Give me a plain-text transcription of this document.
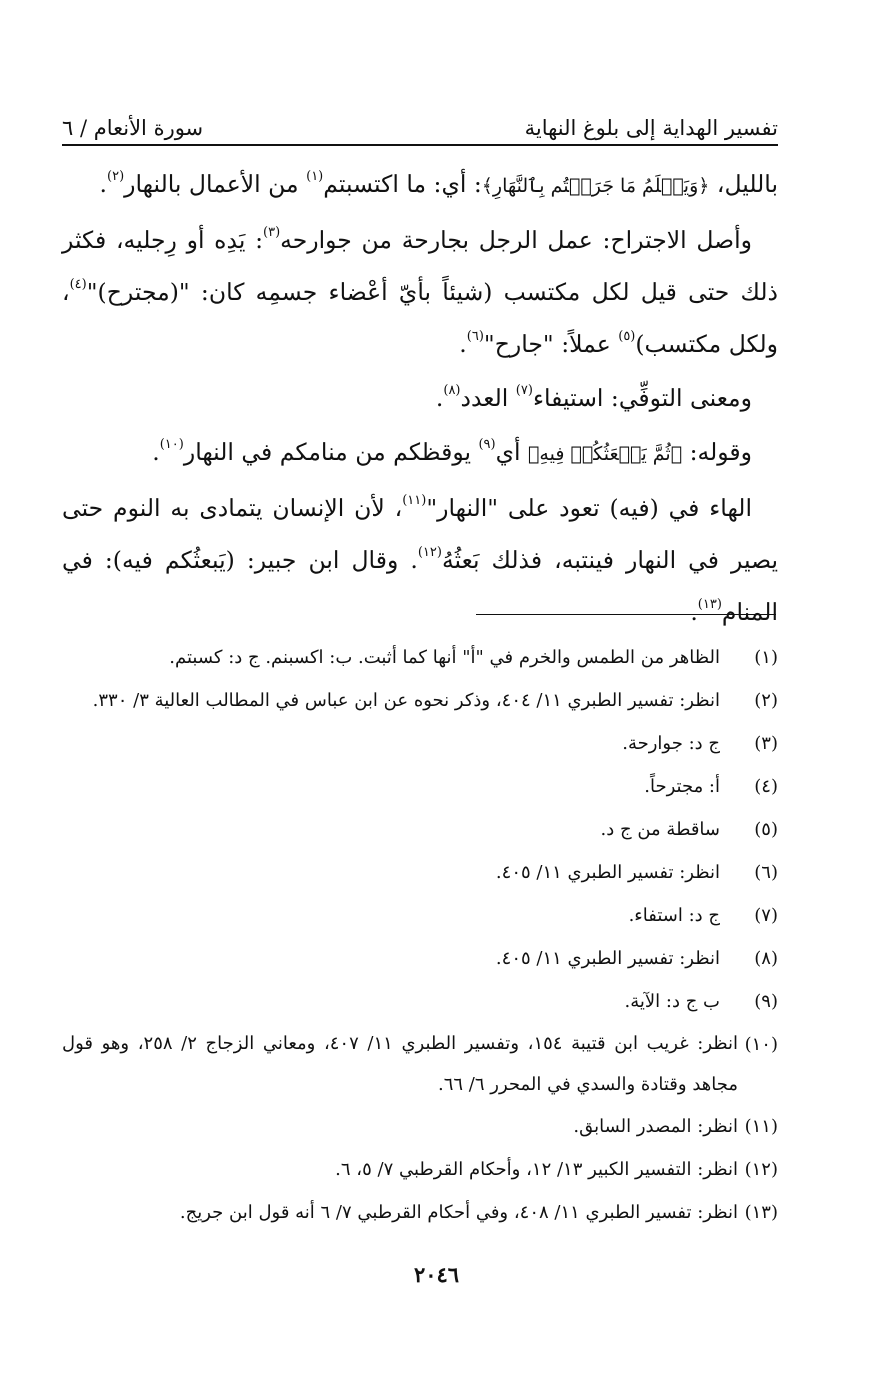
تفسير الهداية إلى بلوغ النهاية
سورة الأنعام / ٦

بالليل، ﴿وَيَعۡلَمُ مَا جَرَحۡتُم بِٱلنَّهَارِ﴾: أي: ما اكتسبتم$^{(١)}$ من الأعمال بالنهار$^{(٢)}$.

وأصل الاجتراح: عمل الرجل بجارحة من جوارحه$^{(٣)}$: يَدِه أو رِجليه، فكثر ذلك حتى قيل لكل مكتسب (شيئاً بأيّ أعْضاء جسمِه كان: "(مجترح)"$^{(٤)}$، ولكل مكتسب)$^{(٥)}$ عملاً: "جارح"$^{(٦)}$.

ومعنى التوفِّي: استيفاء$^{(٧)}$ العدد$^{(٨)}$.

وقوله: ﴿ثُمَّ يَبۡعَثُكُمۡ فِيهِ﴾ أي$^{(٩)}$ يوقظكم من منامكم في النهار$^{(١٠)}$.

الهاء في (فيه) تعود على "النهار"$^{(١١)}$، لأن الإنسان يتمادى به النوم حتى يصير في النهار فينتبه، فذلك بَعثُهُ$^{(١٢)}$. وقال ابن جبير: (يَبعثُكم فيه): في المنام$^{(١٣)}$.

(١)
الظاهر من الطمس والخرم في "أ" أنها كما أثبت. ب: اكسبنم. ج د: كسبتم.
(٢)
انظر: تفسير الطبري ١١/ ٤٠٤، وذكر نحوه عن ابن عباس في المطالب العالية ٣/ ٣٣٠.
(٣)
ج د: جوارحة.
(٤)
أ: مجترحاً.
(٥)
ساقطة من ج د.
(٦)
انظر: تفسير الطبري ١١/ ٤٠٥.
(٧)
ج د: استفاء.
(٨)
انظر: تفسير الطبري ١١/ ٤٠٥.
(٩)
ب ج د: الآية.
(١٠)
انظر: غريب ابن قتيبة ١٥٤، وتفسير الطبري ١١/ ٤٠٧، ومعاني الزجاج ٢/ ٢٥٨، وهو قول مجاهد وقتادة والسدي في المحرر ٦/ ٦٦.
(١١)
انظر: المصدر السابق.
(١٢)
انظر: التفسير الكبير ١٣/ ١٢، وأحكام القرطبي ٧/ ٥، ٦.
(١٣)
انظر: تفسير الطبري ١١/ ٤٠٨، وفي أحكام القرطبي ٧/ ٦ أنه قول ابن جريج.
٢٠٤٦
